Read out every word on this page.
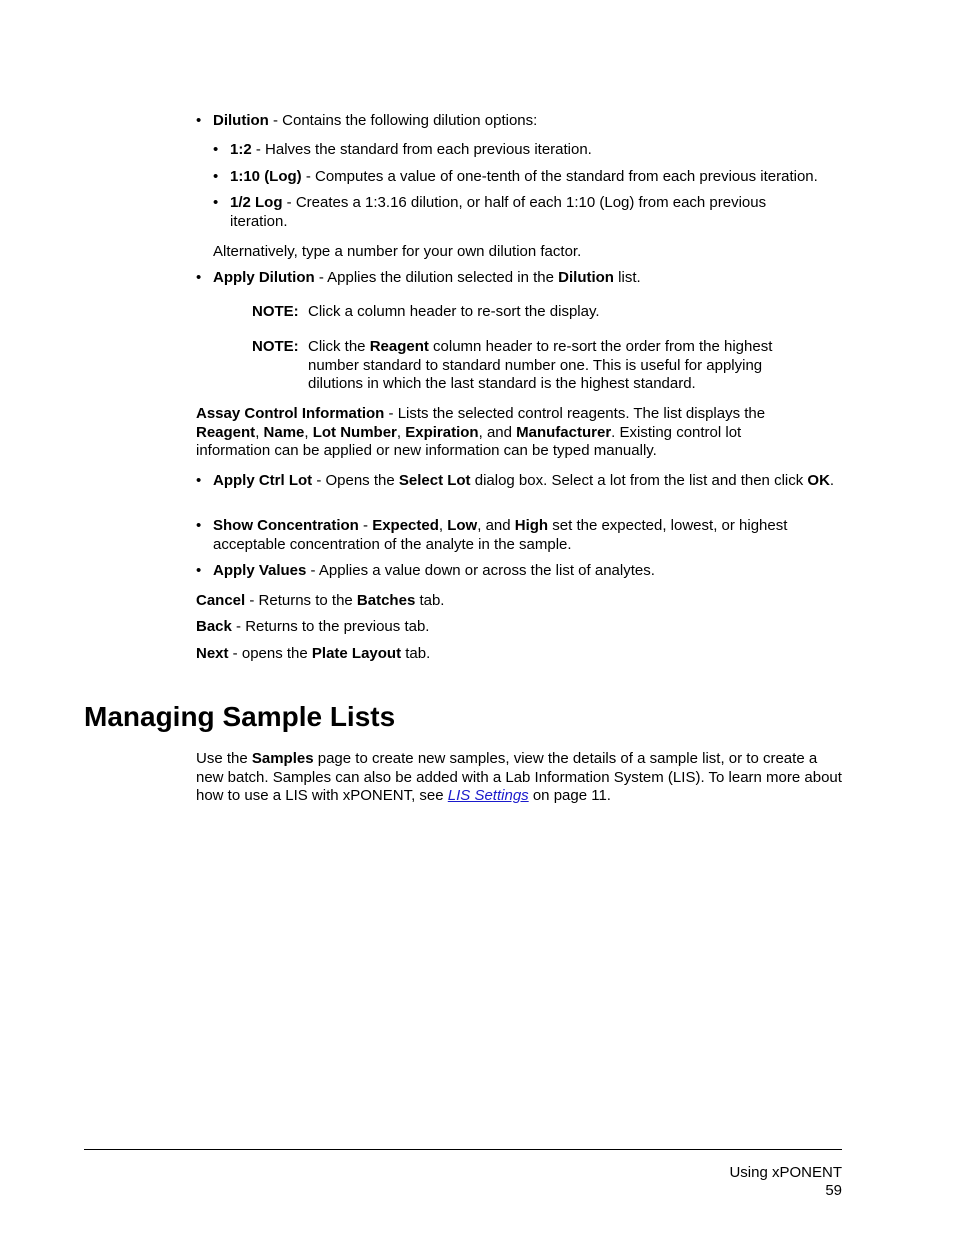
• Dilution - Contains the following dilution options:
• 1:2 - Halves the standard from each previous iteration.
• 1:10 (Log) - Computes a value of one-tenth of the standard from each previous iteration.
• 1/2 Log - Creates a 1:3.16 dilution, or half of each 1:10 (Log) from each previous iteration.

Alternatively, type a number for your own dilution factor.

• Apply Dilution - Applies the dilution selected in the Dilution list.
NOTE: Click a column header to re-sort the display.
NOTE: Click the Reagent column header to re-sort the order from the highest number standard to standard number one. This is useful for applying dilutions in which the last standard is the highest standard.

Assay Control Information - Lists the selected control reagents. The list displays the Reagent, Name, Lot Number, Expiration, and Manufacturer. Existing control lot information can be applied or new information can be typed manually.

• Apply Ctrl Lot - Opens the Select Lot dialog box. Select a lot from the list and then click OK.
• Show Concentration - Expected, Low, and High set the expected, lowest, or highest acceptable concentration of the analyte in the sample.
• Apply Values - Applies a value down or across the list of analytes.

Cancel - Returns to the Batches tab.

Back - Returns to the previous tab.

Next - opens the Plate Layout tab.

Managing Sample Lists

Use the Samples page to create new samples, view the details of a sample list, or to create a new batch. Samples can also be added with a Lab Information System (LIS). To learn more about how to use a LIS with xPONENT, see LIS Settings on page 11.

Using xPONENT
59
